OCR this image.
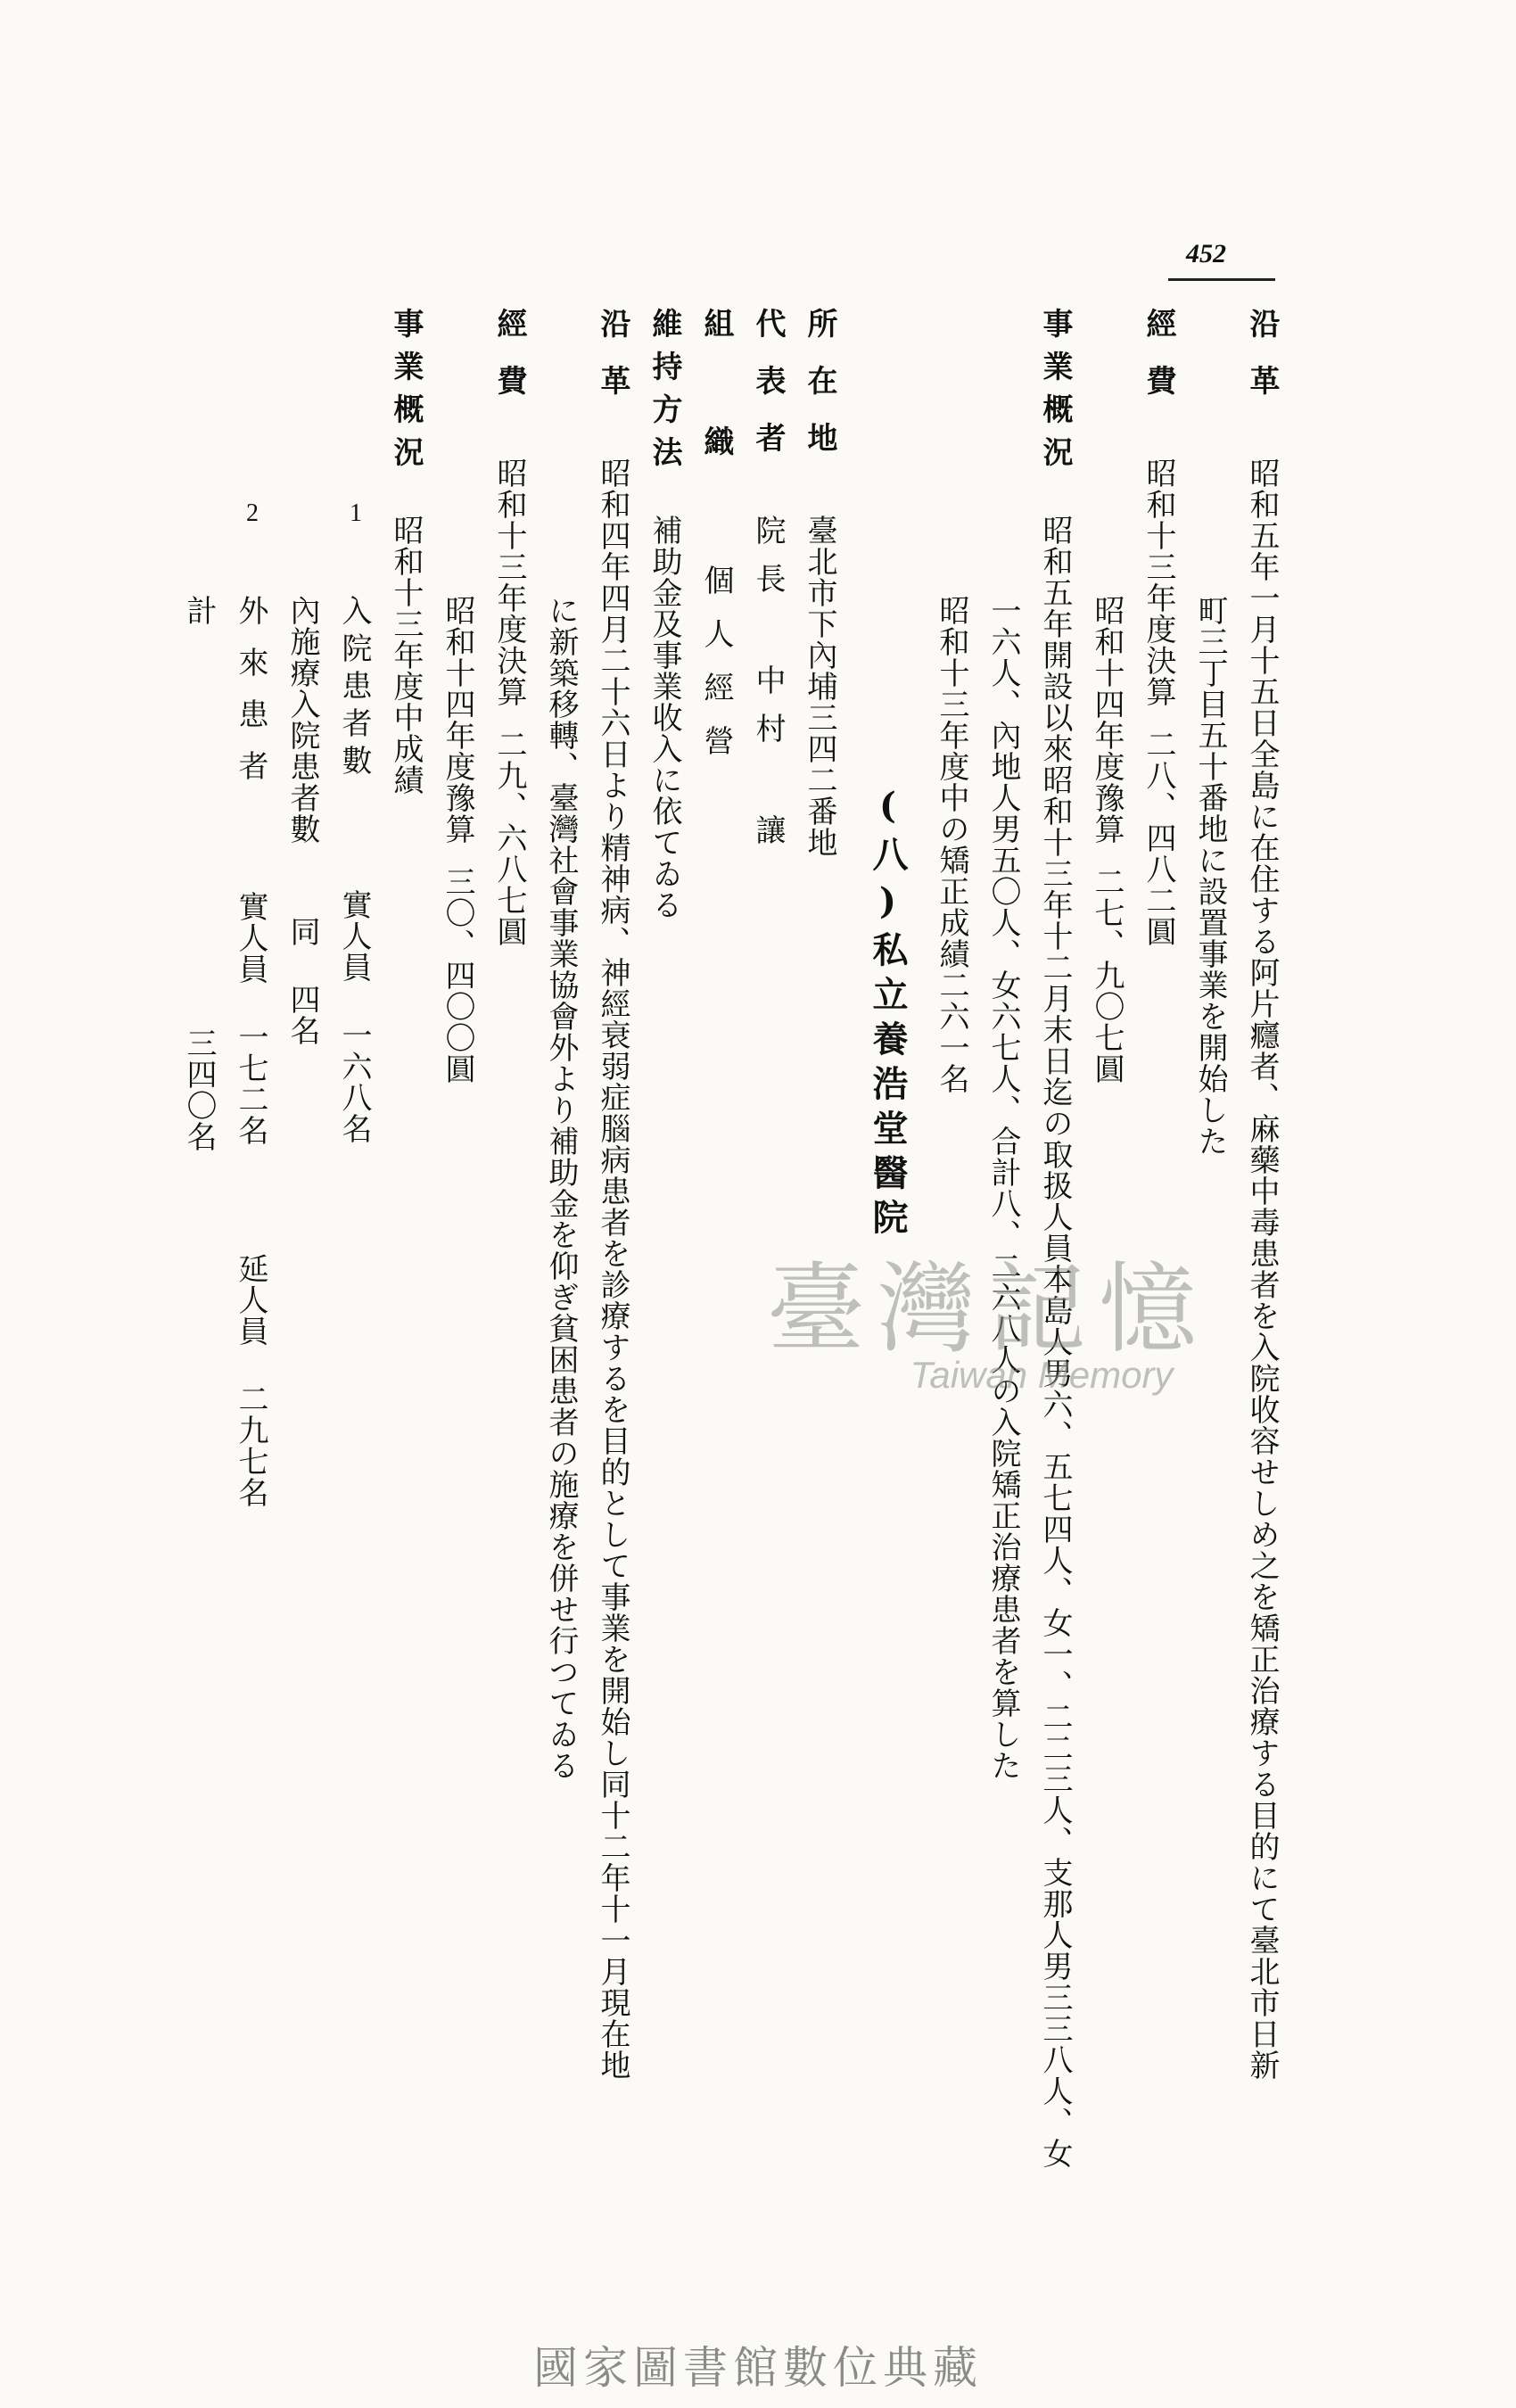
452
沿革昭和五年一月十五日全島に在住する阿片癮者、麻藥中毒患者を入院收容せしめ之を矯正治療する目的にて臺北市日新
町三丁目五十番地に設置事業を開始した
經費昭和十三年度決算二八、四八二圓
昭和十四年度豫算二七、九〇七圓
事業概況昭和五年開設以來昭和十三年十二月末日迄の取扱人員本島人男六、五七四人、女一、二二三人、支那人男三三八人、女
一六人、內地人男五〇人、女六七人、合計八、二六八人の入院矯正治療患者を算した
昭和十三年度中の矯正成績二六一名
(八)私立養浩堂醫院
所在地臺北市下內埔三四二番地
代表者院長 中村 讓
組織個人經營
維持方法補助金及事業收入に依てゐる
沿革昭和四年四月二十六日より精神病、神經衰弱症腦病患者を診療するを目的として事業を開始し同十二年十一月現在地
に新築移轉、臺灣社會事業協會外より補助金を仰ぎ貧困患者の施療を併せ行つてゐる
經費昭和十三年度決算二九、六八七圓
昭和十四年度豫算三〇、四〇〇圓
事業概況昭和十三年度中成績
1
入院患者數實人員 一六八名
內施療入院患者數同 四名
2
外來患者實人員 一七二名延人員 二九七名
計三四〇名
臺灣記憶
Taiwan Memory
國家圖書館數位典藏
